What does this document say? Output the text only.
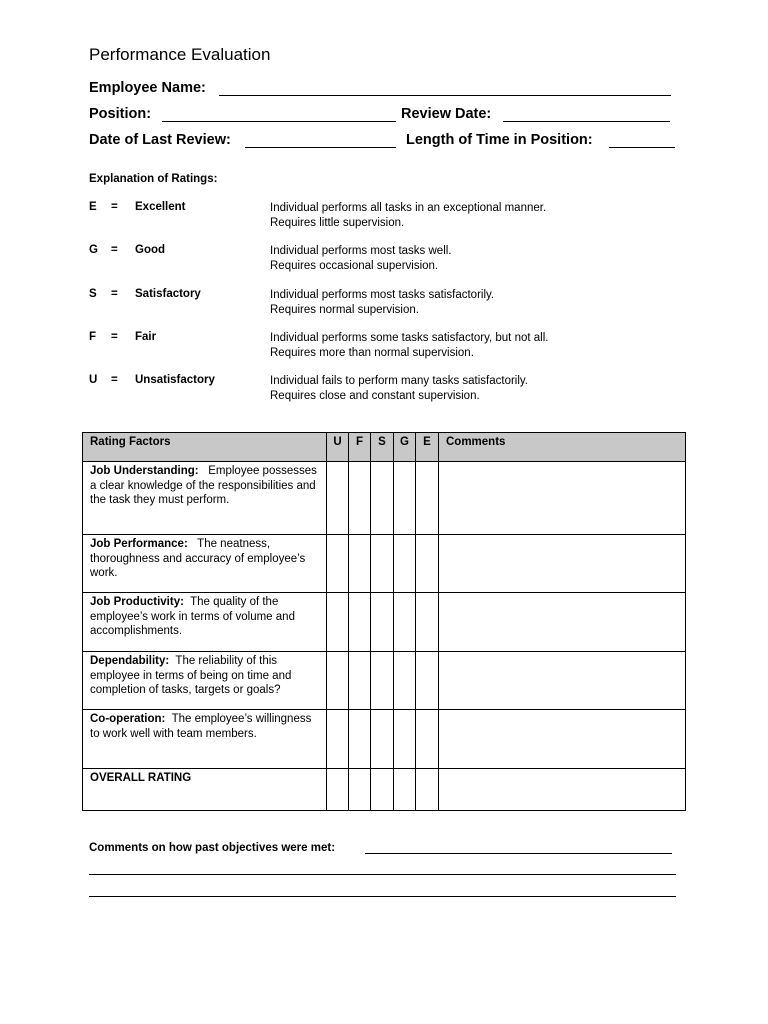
Performance Evaluation
Employee Name:
Position:	Review Date:
Date of Last Review:	Length of Time in Position:
Explanation of Ratings:
E = Excellent	Individual performs all tasks in an exceptional manner.
Requires little supervision.
G = Good	Individual performs most tasks well.
Requires occasional supervision.
S = Satisfactory	Individual performs most tasks satisfactorily.
Requires normal supervision.
F = Fair	Individual performs some tasks satisfactory, but not all.
Requires more than normal supervision.
U = Unsatisfactory	Individual fails to perform many tasks satisfactorily.
Requires close and constant supervision.
Rating Factors	U	F	S	G	E	Comments

Job Understanding: Employee possesses a clear knowledge of the responsibilities and the task they must perform.						

Job Performance: The neatness, thoroughness and accuracy of employee’s work.						

Job Productivity: The quality of the employee’s work in terms of volume and accomplishments.						

Dependability: The reliability of this employee in terms of being on time and completion of tasks, targets or goals?						

Co-operation: The employee’s willingness to work well with team members.						

OVERALL RATING						

Comments on how past objectives were met:
